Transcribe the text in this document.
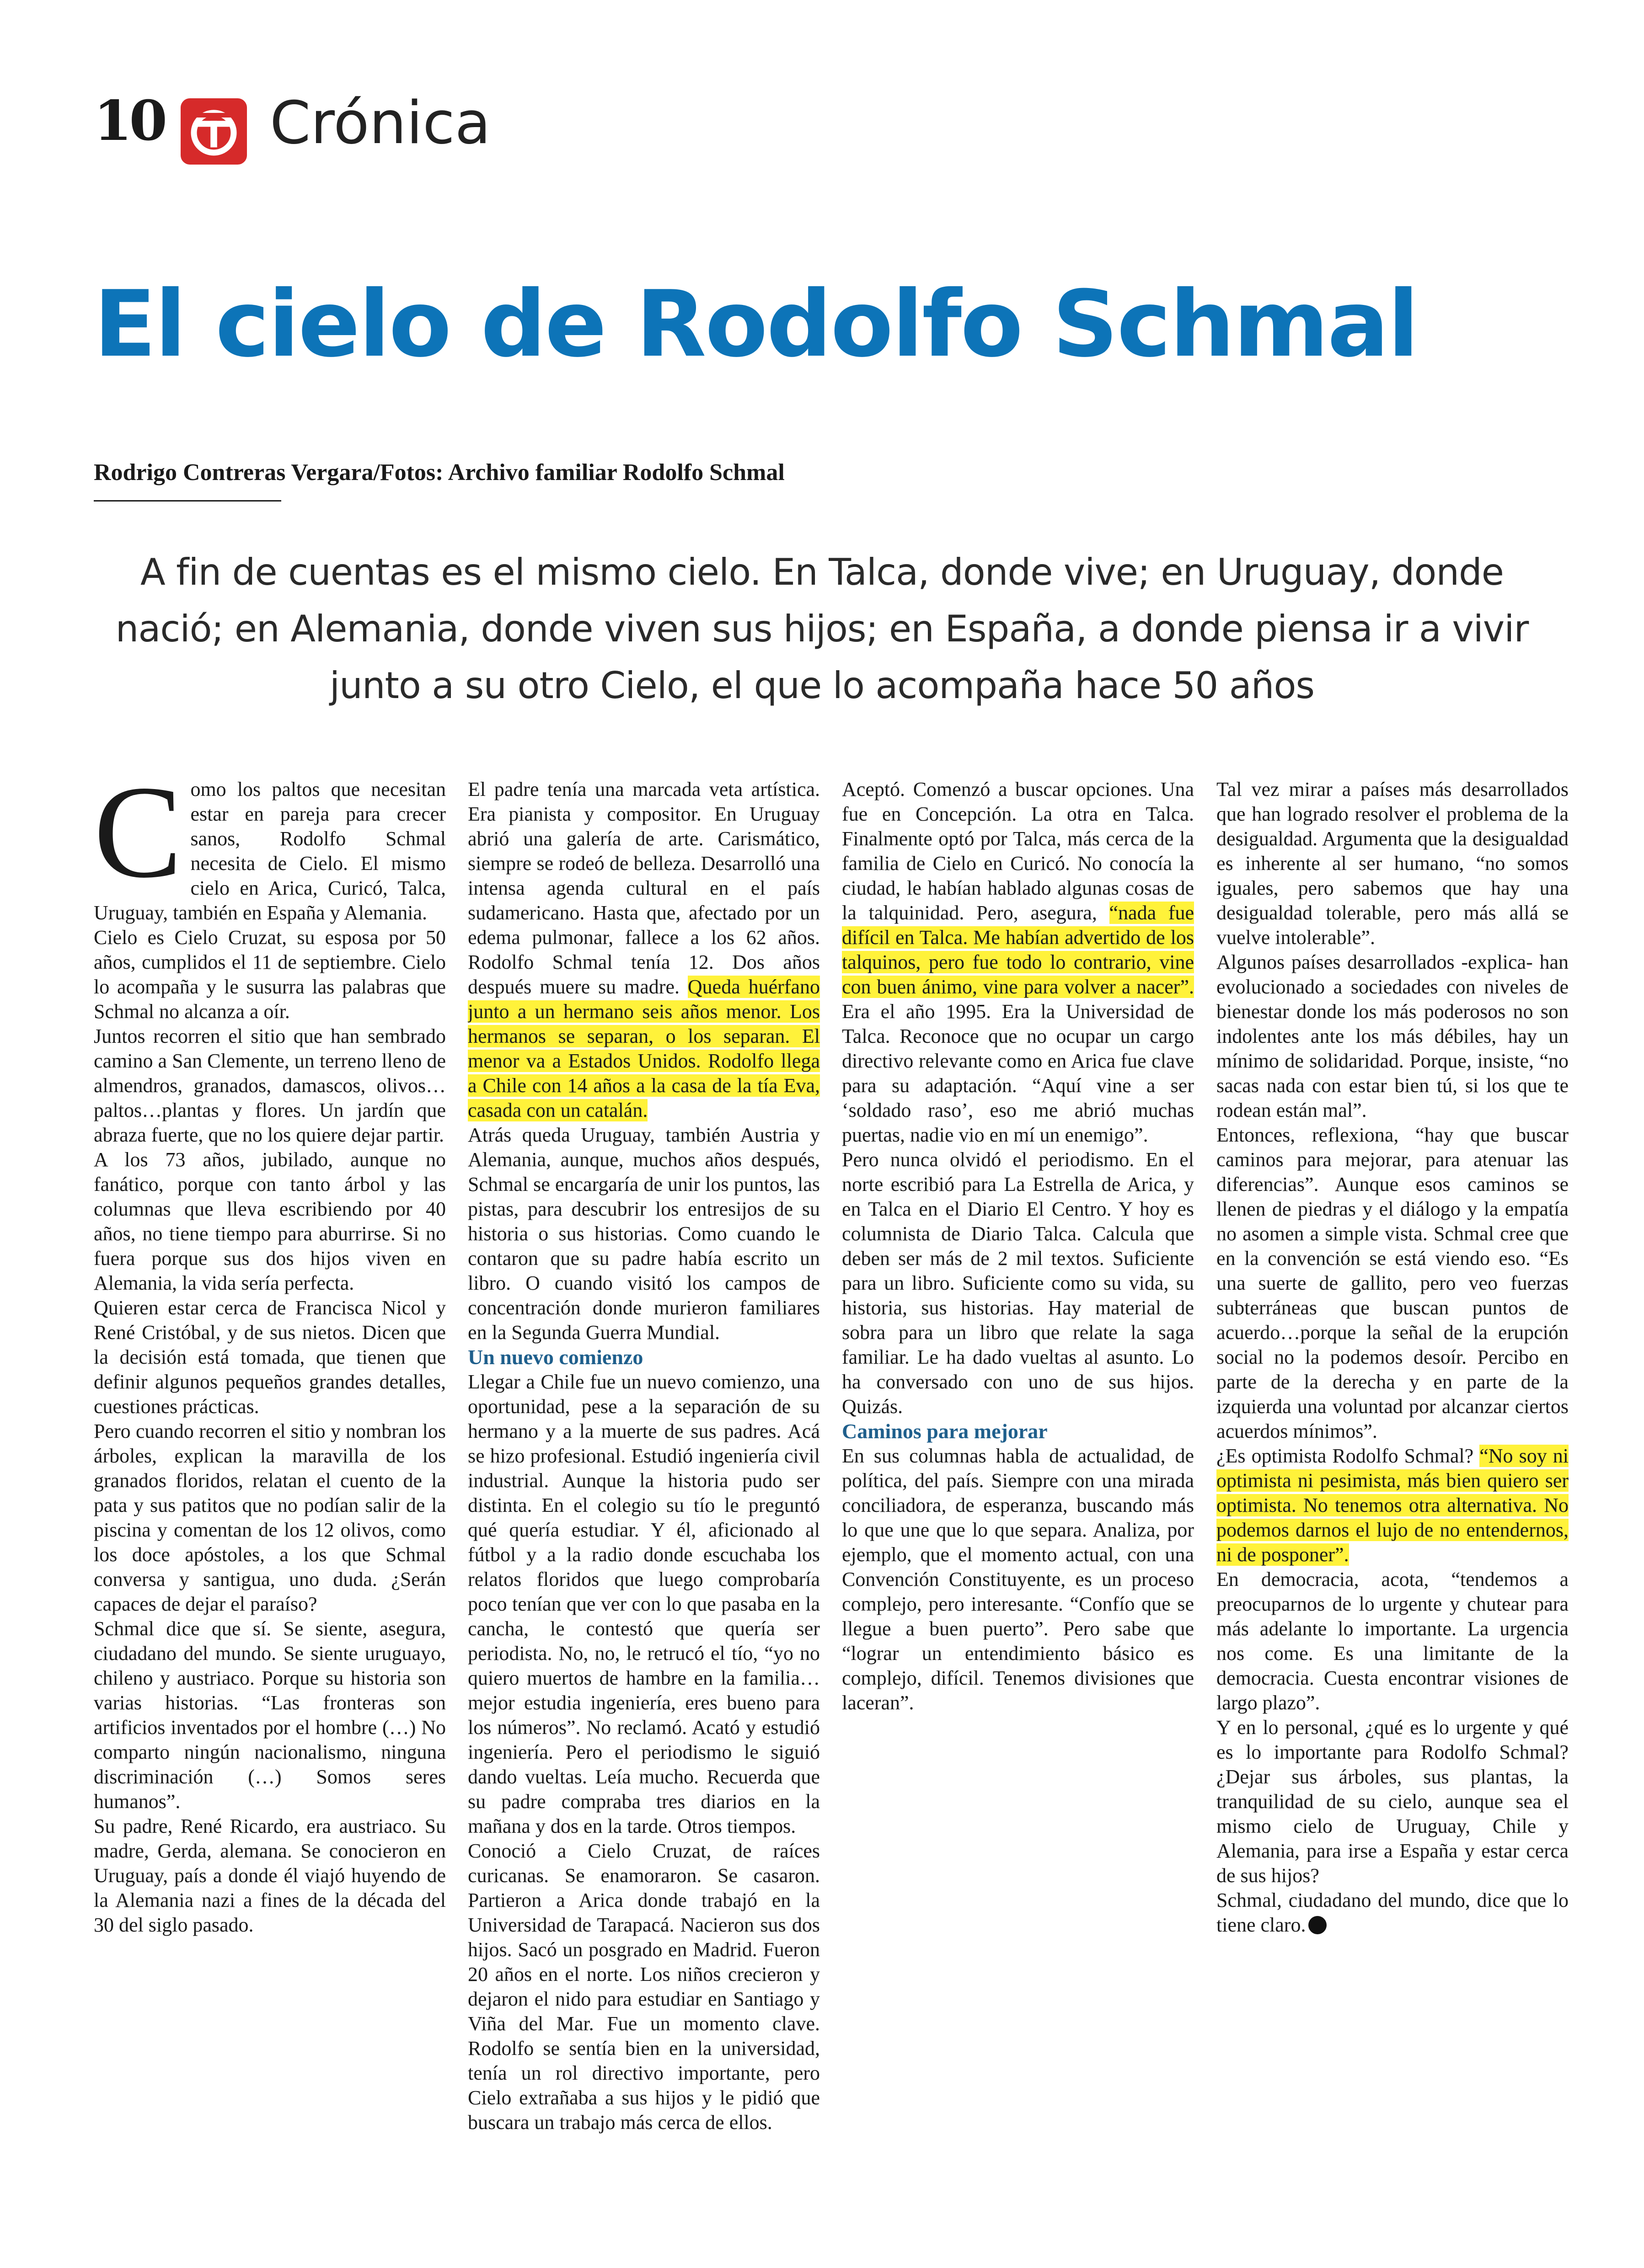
10 Crónica
El cielo de Rodolfo Schmal
Rodrigo Contreras Vergara/Fotos: Archivo familiar Rodolfo Schmal

A fin de cuentas es el mismo cielo. En Talca, donde vive; en Uruguay, donde nació; en Alemania, donde viven sus hijos; en España, a donde piensa ir a vivir junto a su otro Cielo, el que lo acompaña hace 50 años

Como los paltos que necesitan estar en pareja para crecer sanos, Rodolfo Schmal necesita de Cielo. El mismo cielo en Arica, Curicó, Talca, Uruguay, también en España y Alemania.

Cielo es Cielo Cruzat, su esposa por 50 años, cumplidos el 11 de septiembre. Cielo lo acompaña y le susurra las palabras que Schmal no alcanza a oír.

Juntos recorren el sitio que han sembrado camino a San Clemente, un terreno lleno de almendros, granados, damascos, olivos…paltos…plantas y flores. Un jardín que abraza fuerte, que no los quiere dejar partir.

A los 73 años, jubilado, aunque no fanático, porque con tanto árbol y las columnas que lleva escribiendo por 40 años, no tiene tiempo para aburrirse. Si no fuera porque sus dos hijos viven en Alemania, la vida sería perfecta.

Quieren estar cerca de Francisca Nicol y René Cristóbal, y de sus nietos. Dicen que la decisión está tomada, que tienen que definir algunos pequeños grandes detalles, cuestiones prácticas.

Pero cuando recorren el sitio y nombran los árboles, explican la maravilla de los granados floridos, relatan el cuento de la pata y sus patitos que no podían salir de la piscina y comentan de los 12 olivos, como los doce apóstoles, a los que Schmal conversa y santigua, uno duda. ¿Serán capaces de dejar el paraíso?

Schmal dice que sí. Se siente, asegura, ciudadano del mundo. Se siente uruguayo, chileno y austriaco. Porque su historia son varias historias. “Las fronteras son artificios inventados por el hombre (…) No comparto ningún nacionalismo, ninguna discriminación (…) Somos seres humanos”.

Su padre, René Ricardo, era austriaco. Su madre, Gerda, alemana. Se conocieron en Uruguay, país a donde él viajó huyendo de la Alemania nazi a fines de la década del 30 del siglo pasado.

El padre tenía una marcada veta artística. Era pianista y compositor. En Uruguay abrió una galería de arte. Carismático, siempre se rodeó de belleza. Desarrolló una intensa agenda cultural en el país sudamericano. Hasta que, afectado por un edema pulmonar, fallece a los 62 años. Rodolfo Schmal tenía 12. Dos años después muere su madre. Queda huérfano junto a un hermano seis años menor. Los hermanos se separan, o los separan. El menor va a Estados Unidos. Rodolfo llega a Chile con 14 años a la casa de la tía Eva, casada con un catalán.

Atrás queda Uruguay, también Austria y Alemania, aunque, muchos años después, Schmal se encargaría de unir los puntos, las pistas, para descubrir los entresijos de su historia o sus historias. Como cuando le contaron que su padre había escrito un libro. O cuando visitó los campos de concentración donde murieron familiares en la Segunda Guerra Mundial.

Un nuevo comienzo

Llegar a Chile fue un nuevo comienzo, una oportunidad, pese a la separación de su hermano y a la muerte de sus padres. Acá se hizo profesional. Estudió ingeniería civil industrial. Aunque la historia pudo ser distinta. En el colegio su tío le preguntó qué quería estudiar. Y él, aficionado al fútbol y a la radio donde escuchaba los relatos floridos que luego comprobaría poco tenían que ver con lo que pasaba en la cancha, le contestó que quería ser periodista. No, no, le retrucó el tío, “yo no quiero muertos de hambre en la familia…mejor estudia ingeniería, eres bueno para los números”. No reclamó. Acató y estudió ingeniería. Pero el periodismo le siguió dando vueltas. Leía mucho. Recuerda que su padre compraba tres diarios en la mañana y dos en la tarde. Otros tiempos.

Conoció a Cielo Cruzat, de raíces curicanas. Se enamoraron. Se casaron. Partieron a Arica donde trabajó en la Universidad de Tarapacá. Nacieron sus dos hijos. Sacó un posgrado en Madrid. Fueron 20 años en el norte. Los niños crecieron y dejaron el nido para estudiar en Santiago y Viña del Mar. Fue un momento clave. Rodolfo se sentía bien en la universidad, tenía un rol directivo importante, pero Cielo extrañaba a sus hijos y le pidió que buscara un trabajo más cerca de ellos.

Aceptó. Comenzó a buscar opciones. Una fue en Concepción. La otra en Talca. Finalmente optó por Talca, más cerca de la familia de Cielo en Curicó. No conocía la ciudad, le habían hablado algunas cosas de la talquinidad. Pero, asegura, “nada fue difícil en Talca. Me habían advertido de los talquinos, pero fue todo lo contrario, vine con buen ánimo, vine para volver a nacer”. Era el año 1995. Era la Universidad de Talca. Reconoce que no ocupar un cargo directivo relevante como en Arica fue clave para su adaptación. “Aquí vine a ser ‘soldado raso’, eso me abrió muchas puertas, nadie vio en mí un enemigo”.

Pero nunca olvidó el periodismo. En el norte escribió para La Estrella de Arica, y en Talca en el Diario El Centro. Y hoy es columnista de Diario Talca. Calcula que deben ser más de 2 mil textos. Suficiente para un libro. Suficiente como su vida, su historia, sus historias. Hay material de sobra para un libro que relate la saga familiar. Le ha dado vueltas al asunto. Lo ha conversado con uno de sus hijos. Quizás.

Caminos para mejorar

En sus columnas habla de actualidad, de política, del país. Siempre con una mirada conciliadora, de esperanza, buscando más lo que une que lo que separa. Analiza, por ejemplo, que el momento actual, con una Convención Constituyente, es un proceso complejo, pero interesante. “Confío que se llegue a buen puerto”. Pero sabe que “lograr un entendimiento básico es complejo, difícil. Tenemos divisiones que laceran”.

Tal vez mirar a países más desarrollados que han logrado resolver el problema de la desigualdad. Argumenta que la desigualdad es inherente al ser humano, “no somos iguales, pero sabemos que hay una desigualdad tolerable, pero más allá se vuelve intolerable”.

Algunos países desarrollados -explica- han evolucionado a sociedades con niveles de bienestar donde los más poderosos no son indolentes ante los más débiles, hay un mínimo de solidaridad. Porque, insiste, “no sacas nada con estar bien tú, si los que te rodean están mal”.

Entonces, reflexiona, “hay que buscar caminos para mejorar, para atenuar las diferencias”. Aunque esos caminos se llenen de piedras y el diálogo y la empatía no asomen a simple vista. Schmal cree que en la convención se está viendo eso. “Es una suerte de gallito, pero veo fuerzas subterráneas que buscan puntos de acuerdo…porque la señal de la erupción social no la podemos desoír. Percibo en parte de la derecha y en parte de la izquierda una voluntad por alcanzar ciertos acuerdos mínimos”.

¿Es optimista Rodolfo Schmal? “No soy ni optimista ni pesimista, más bien quiero ser optimista. No tenemos otra alternativa. No podemos darnos el lujo de no entendernos, ni de posponer”.

En democracia, acota, “tendemos a preocuparnos de lo urgente y chutear para más adelante lo importante. La urgencia nos come. Es una limitante de la democracia. Cuesta encontrar visiones de largo plazo”.

Y en lo personal, ¿qué es lo urgente y qué es lo importante para Rodolfo Schmal? ¿Dejar sus árboles, sus plantas, la tranquilidad de su cielo, aunque sea el mismo cielo de Uruguay, Chile y Alemania, para irse a España y estar cerca de sus hijos?

Schmal, ciudadano del mundo, dice que lo tiene claro.
